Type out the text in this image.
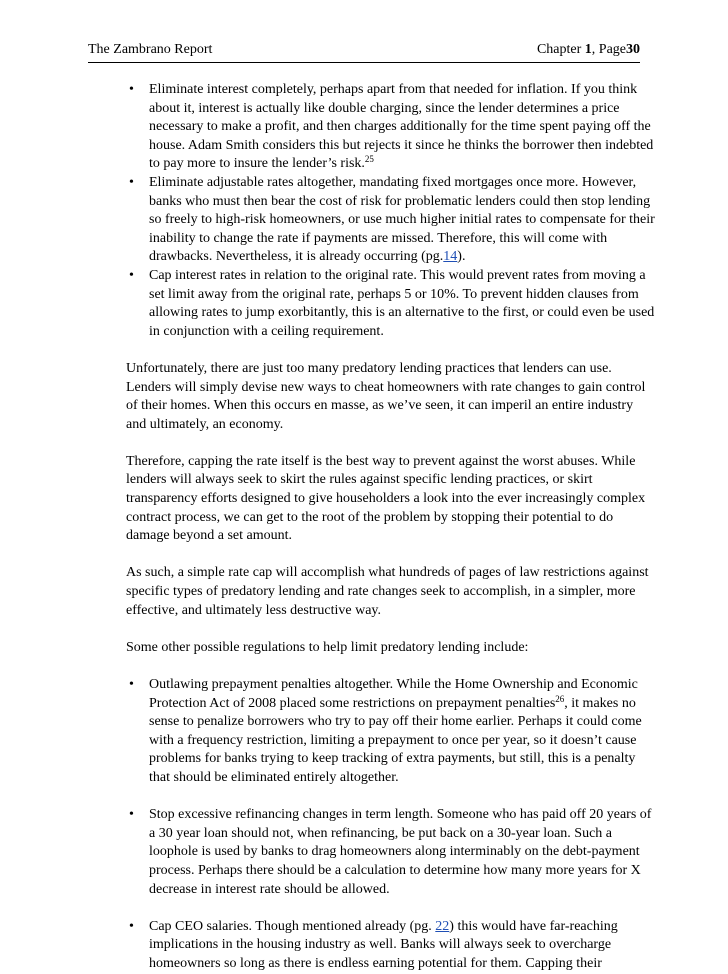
The Zambrano Report	Chapter 1, Page30
• Eliminate interest completely, perhaps apart from that needed for inflation. If you think about it, interest is actually like double charging, since the lender determines a price necessary to make a profit, and then charges additionally for the time spent paying off the house. Adam Smith considers this but rejects it since he thinks the borrower then indebted to pay more to insure the lender’s risk.$^{25}$
• Eliminate adjustable rates altogether, mandating fixed mortgages once more. However, banks who must then bear the cost of risk for problematic lenders could then stop lending so freely to high-risk homeowners, or use much higher initial rates to compensate for their inability to change the rate if payments are missed. Therefore, this will come with drawbacks. Nevertheless, it is already occurring (pg.14).
• Cap interest rates in relation to the original rate. This would prevent rates from moving a set limit away from the original rate, perhaps 5 or 10%. To prevent hidden clauses from allowing rates to jump exorbitantly, this is an alternative to the first, or could even be used in conjunction with a ceiling requirement.

Unfortunately, there are just too many predatory lending practices that lenders can use. Lenders will simply devise new ways to cheat homeowners with rate changes to gain control of their homes. When this occurs en masse, as we’ve seen, it can imperil an entire industry and ultimately, an economy.

Therefore, capping the rate itself is the best way to prevent against the worst abuses. While lenders will always seek to skirt the rules against specific lending practices, or skirt transparency efforts designed to give householders a look into the ever increasingly complex contract process, we can get to the root of the problem by stopping their potential to do damage beyond a set amount.

As such, a simple rate cap will accomplish what hundreds of pages of law restrictions against specific types of predatory lending and rate changes seek to accomplish, in a simpler, more effective, and ultimately less destructive way.

Some other possible regulations to help limit predatory lending include:

• Outlawing prepayment penalties altogether. While the Home Ownership and Economic Protection Act of 2008 placed some restrictions on prepayment penalties$^{26}$, it makes no sense to penalize borrowers who try to pay off their home earlier. Perhaps it could come with a frequency restriction, limiting a prepayment to once per year, so it doesn’t cause problems for banks trying to keep tracking of extra payments, but still, this is a penalty that should be eliminated entirely altogether.
• Stop excessive refinancing changes in term length. Someone who has paid off 20 years of a 30 year loan should not, when refinancing, be put back on a 30-year loan. Such a loophole is used by banks to drag homeowners along interminably on the debt-payment process. Perhaps there should be a calculation to determine how many more years for X decrease in interest rate should be allowed.
• Cap CEO salaries. Though mentioned already (pg. 22) this would have far-reaching implications in the housing industry as well. Banks will always seek to overcharge homeowners so long as there is endless earning potential for them. Capping their
